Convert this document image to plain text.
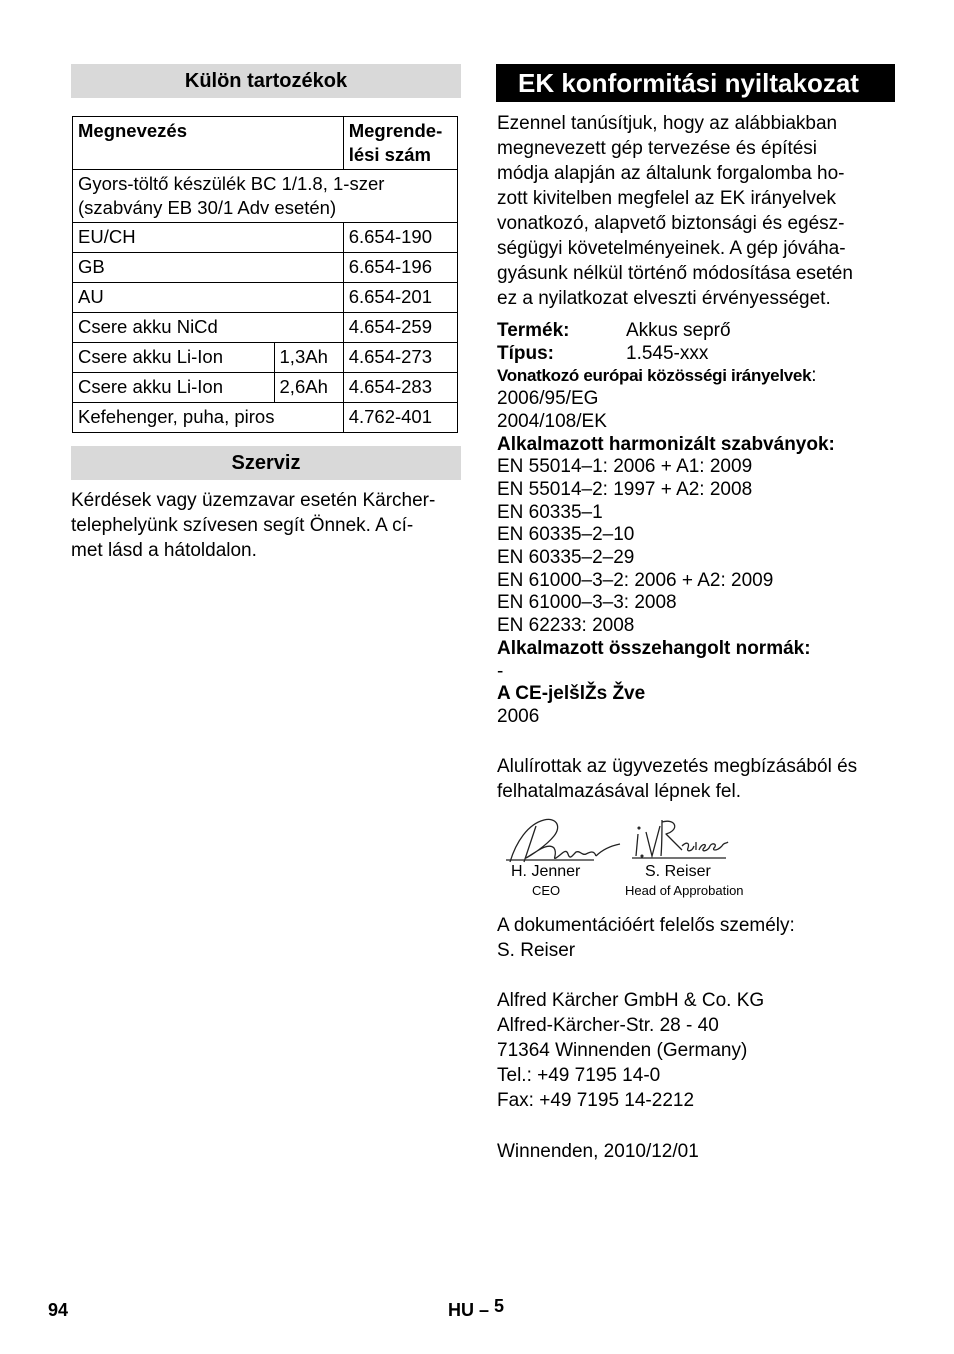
Külön tartozékok
Megnevezés		Megrende-
lési szám
Gyors-töltő készülék BC 1/1.8, 1-szer
(szabvány EB 30/1 Adv esetén)		
EU/CH		6.654-190
GB		6.654-196
AU		6.654-201
Csere akku NiCd		4.654-259
Csere akku Li-Ion	1,3Ah	4.654-273
Csere akku Li-Ion	2,6Ah	4.654-283
Kefehenger, puha, piros		4.762-401
Szerviz
Kérdések vagy üzemzavar esetén Kärcher-
telephelyünk szívesen segít Önnek. A cí-
met lásd a hátoldalon.
EK konformitási nyiltakozat
Ezennel tanúsítjuk, hogy az alábbiakban
megnevezett gép tervezése és építési
módja alapján az általunk forgalomba ho-
zott kivitelben megfelel az EK irányelvek
vonatkozó, alapvető biztonsági és egész-
ségügyi követelményeinek. A gép jóváha-
gyásunk nélkül történő módosítása esetén
ez a nyilatkozat elveszti érvényességet.
Termék:	Akkus seprő
Típus:	1.545-xxx
Vonatkozó európai közösségi irányelvek:
2006/95/EG
2004/108/EK
Alkalmazott harmonizált szabványok:
EN 55014–1: 2006 + A1: 2009
EN 55014–2: 1997 + A2: 2008
EN 60335–1
EN 60335–2–10
EN 60335–2–29
EN 61000–3–2: 2006 + A2: 2009
EN 61000–3–3: 2008
EN 62233: 2008
Alkalmazott összehangolt normák:
-
A CE-jelšlŽs Žve
2006
Alulírottak az ügyvezetés megbízásából és
felhatalmazásával lépnek fel.
H. Jenner
CEO
S. Reiser
Head of Approbation
A dokumentációért felelős személy:
S. Reiser
Alfred Kärcher GmbH & Co. KG
Alfred-Kärcher-Str. 28 - 40
71364 Winnenden (Germany)
Tel.: +49 7195 14-0
Fax: +49 7195 14-2212
Winnenden, 2010/12/01
94	HU – 5
